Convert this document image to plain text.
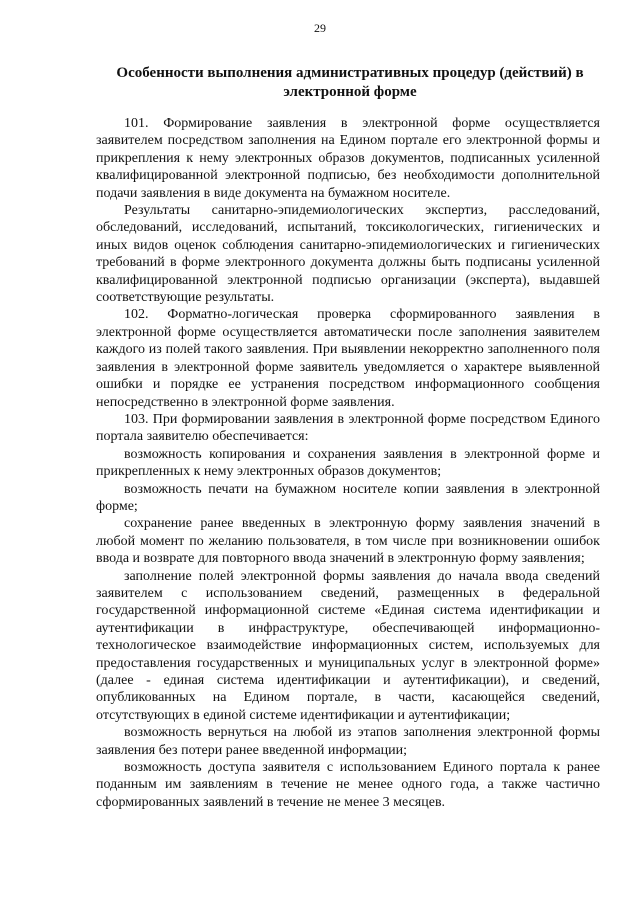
29
Особенности выполнения административных процедур (действий) в электронной форме

101. Формирование заявления в электронной форме осуществляется заявителем посредством заполнения на Едином портале его электронной формы и прикрепления к нему электронных образов документов, подписанных усиленной квалифицированной электронной подписью, без необходимости дополнительной подачи заявления в виде документа на бумажном носителе.

Результаты санитарно-эпидемиологических экспертиз, расследований, обследований, исследований, испытаний, токсикологических, гигиенических и иных видов оценок соблюдения санитарно-эпидемиологических и гигиенических требований в форме электронного документа должны быть подписаны усиленной квалифицированной электронной подписью организации (эксперта), выдавшей соответствующие результаты.

102. Форматно-логическая проверка сформированного заявления в электронной форме осуществляется автоматически после заполнения заявителем каждого из полей такого заявления. При выявлении некорректно заполненного поля заявления в электронной форме заявитель уведомляется о характере выявленной ошибки и порядке ее устранения посредством информационного сообщения непосредственно в электронной форме заявления.

103. При формировании заявления в электронной форме посредством Единого портала заявителю обеспечивается:

возможность копирования и сохранения заявления в электронной форме и прикрепленных к нему электронных образов документов;

возможность печати на бумажном носителе копии заявления в электронной форме;

сохранение ранее введенных в электронную форму заявления значений в любой момент по желанию пользователя, в том числе при возникновении ошибок ввода и возврате для повторного ввода значений в электронную форму заявления;

заполнение полей электронной формы заявления до начала ввода сведений заявителем с использованием сведений, размещенных в федеральной государственной информационной системе «Единая система идентификации и аутентификации в инфраструктуре, обеспечивающей информационно-технологическое взаимодействие информационных систем, используемых для предоставления государственных и муниципальных услуг в электронной форме» (далее - единая система идентификации и аутентификации), и сведений, опубликованных на Едином портале, в части, касающейся сведений, отсутствующих в единой системе идентификации и аутентификации;

возможность вернуться на любой из этапов заполнения электронной формы заявления без потери ранее введенной информации;

возможность доступа заявителя с использованием Единого портала к ранее поданным им заявлениям в течение не менее одного года, а также частично сформированных заявлений в течение не менее 3 месяцев.
